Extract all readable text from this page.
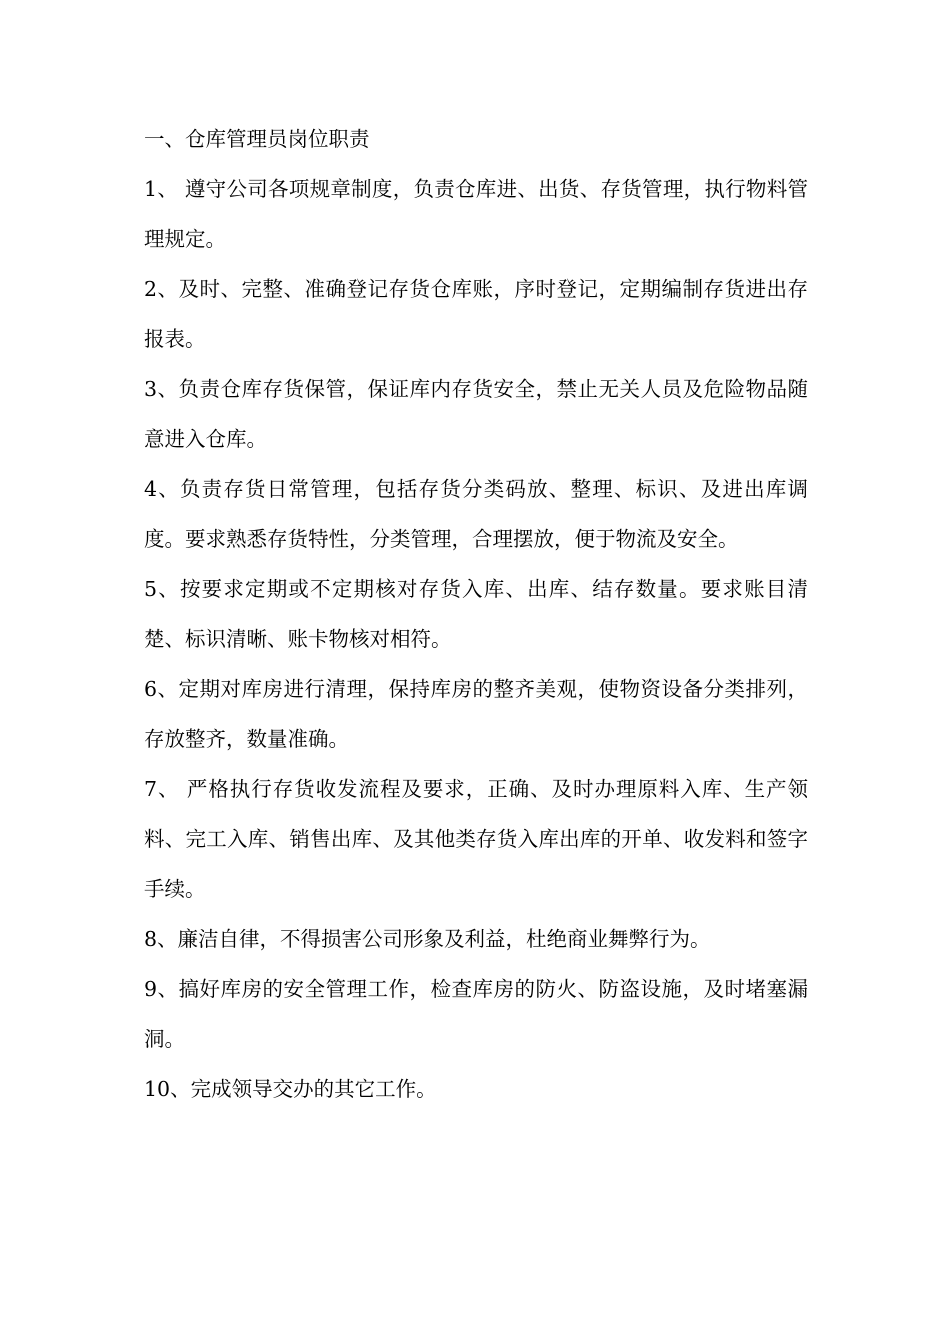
一、仓库管理员岗位职责

1、 遵守公司各项规章制度，负责仓库进、出货、存货管理，执行物料管理规定。

2、及时、完整、准确登记存货仓库账，序时登记，定期编制存货进出存报表。

3、负责仓库存货保管，保证库内存货安全，禁止无关人员及危险物品随意进入仓库。

4、负责存货日常管理，包括存货分类码放、整理、标识、及进出库调度。要求熟悉存货特性，分类管理，合理摆放，便于物流及安全。

5、按要求定期或不定期核对存货入库、出库、结存数量。要求账目清楚、标识清晰、账卡物核对相符。

6、定期对库房进行清理，保持库房的整齐美观，使物资设备分类排列，存放整齐，数量准确。

7、 严格执行存货收发流程及要求，正确、及时办理原料入库、生产领料、完工入库、销售出库、及其他类存货入库出库的开单、收发料和签字手续。

8、廉洁自律，不得损害公司形象及利益，杜绝商业舞弊行为。

9、搞好库房的安全管理工作，检查库房的防火、防盗设施，及时堵塞漏洞。

10、完成领导交办的其它工作。
